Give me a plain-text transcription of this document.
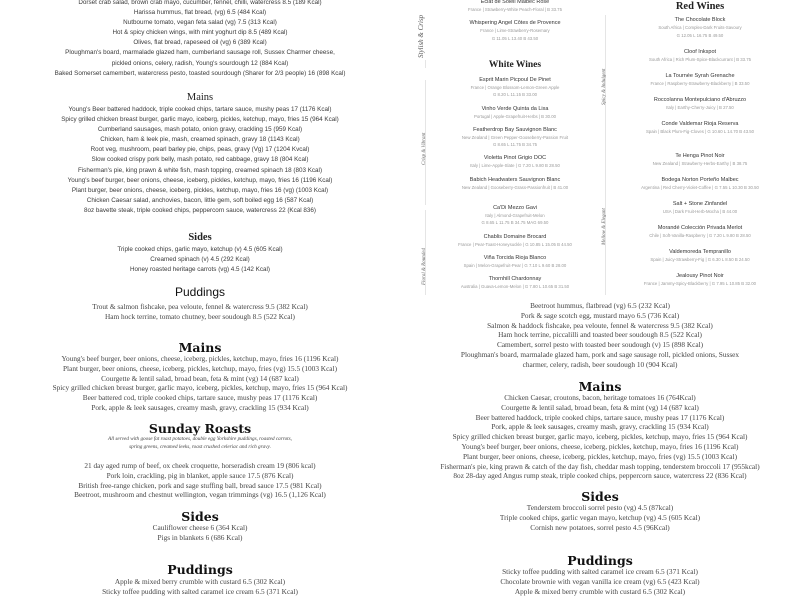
Dorset crab salad, brown crab mayo, cucumber, fennel, chilli, watercress 8.5 (189 Kcal)
Harissa hummus, flat bread, (vg) 6.5 (484 Kcal)
Nutbourne tomato, vegan feta salad (vg) 7.5 (313 Kcal)
Hot & spicy chicken wings, with mint yoghurt dip 8.5 (489 Kcal)
Olives, flat bread, rapeseed oil (vg) 6 (389 Kcal)
Ploughman's board, marmalade glazed ham, cumberland sausage roll, Sussex Charmer cheese,
pickled onions, celery, radish, Young's sourdough 12 (884 Kcal)
Baked Somerset camembert, watercress pesto, toasted sourdough (Sharer for 2/3 people) 16 (898 Kcal)
Mains
Young's Beer battered haddock, triple cooked chips, tartare sauce, mushy peas 17 (1176 Kcal)
Spicy grilled chicken breast burger, garlic mayo, iceberg, pickles, ketchup, mayo, fries 15 (964 Kcal)
Cumberland sausages, mash potato, onion gravy, crackling 15 (959 Kcal)
Chicken, ham & leek pie, mash, creamed spinach, gravy 18 (1143 Kcal)
Root veg, mushroom, pearl barley pie, chips, peas, gravy (Vg) 17 (1204 Kvcal)
Slow cooked crispy pork belly, mash potato, red cabbage, gravy 18 (804 Kcal)
Fisherman's pie, king prawn & white fish, mash topping, creamed spinach 18 (803 Kcal)
Young's beef burger, beer onions, cheese, iceberg, pickles, ketchup, mayo, fries 16 (1196 Kcal)
Plant burger, beer onions, cheese, iceberg, pickles, ketchup, mayo, fries 16 (vg) (1003 Kcal)
Chicken Caesar salad, anchovies, bacon, little gem, soft boiled egg 16 (587 Kcal)
8oz bavette steak, triple cooked chips, peppercorn sauce, watercress 22 (Kcal 836)
Sides
Triple cooked chips, garlic mayo, ketchup (v) 4.5 (605 Kcal)
Creamed spinach (v) 4.5 (292 Kcal)
Honey roasted heritage carrots (vg) 4.5 (142 Kcal)
Puddings
Trout & salmon fishcake, pea veloute, fennel & watercress 9.5 (382 Kcal)
Ham hock terrine, tomato chutney, beer soudough 8.5 (522 Kcal)
Mains
Young's beef burger, beer onions, cheese, iceberg, pickles, ketchup, mayo, fries 16 (1196 Kcal)
Plant burger, beer onions, cheese, iceberg, pickles, ketchup, mayo, fries (vg) 15.5 (1003 Kcal)
Courgette & lentil salad, broad bean, feta & mint (vg) 14 (687 kcal)
Spicy grilled chicken breast burger, garlic mayo, iceberg, pickles, ketchup, mayo, fries 15 (964 Kcal)
Beer battered cod, triple cooked chips, tartare sauce, mushy peas 17 (1176 Kcal)
Pork, apple & leek sausages, creamy mash, gravy, crackling 15 (934 Kcal)
Sunday Roasts
All served with goose fat roast potatoes, double egg Yorkshire puddings, roasted carrots,
spring greens, creamed leeks, roast crushed celeriac and rich gravy.
21 day aged rump of beef, ox cheek croquette, horseradish cream 19 (806 kcal)
Pork loin, crackling, pig in blanket, apple sauce 17.5 (876 Kcal)
British free-range chicken, pork and sage stuffing ball, bread sauce 17.5 (981 Kcal)
Beetroot, mushroom and chestnut wellington, vegan trimmings (vg) 16.5 (1,126 Kcal)
Sides
Cauliflower cheese 6 (364 Kcal)
Pigs in blankets 6 (686 Kcal)
Puddings
Apple & mixed berry crumble with custard 6.5 (302 Kcal)
Sticky toffee pudding with salted caramel ice cream 6.5 (371 Kcal)
Stylish & Crisp
Crisp & Vibrant
Floral & Rounded
Spicy & Indulgent
Mellow & Elegant
Éclat de Soleil Malbec Rosé
France | Strawberry-White Peach-Floral | B 33.75
Whispering Angel Côtes de Provence
France | Lime-Strawberry-Rosemary
G 11.05 L 13.40 B 43.50
White Wines
Esprit Marin Picpoul De Pinet
France | Orange Blossom-Lemon-Green Apple
G 8.20 L 11.15 B 33.00
Vinho Verde Quinta da Lixa
Portugal | Apple-Grapefruit-Herbs | B 30.00
Featherdrop Bay Sauvignon Blanc
New Zealand | Green Pepper-Gooseberry-Passion Fruit
G 8.65 L 11.75 B 34.75
Violetta Pinot Grigio DOC
Italy | Lime-Apple-Slate | G 7.20 L 9.80 B 28.50
Babich Headwaters Sauvignon Blanc
New Zealand | Gooseberry-Grass-Passionfruit | B 41.00
Ca'Di Mezzo Gavi
Italy | Almond-Grapefruit-Melon
G 8.65 L 11.75 B 34.75 MAG 69.50
Chablis Domaine Brocard
France | Pear-Toast-Honeysuckle | G 10.85 L 15.05 B 44.50
Viña Torcida Rioja Blanco
Spain | Melon-Grapefruit-Pear | G 7.10 L 9.60 B 28.00
Thornhill Chardonnay
Australia | Guava-Lemon-Melon | G 7.80 L 10.65 B 31.50
Red Wines
The Chocolate Block
South Africa | Complex-Dark Fruits-Savoury
G 12.05 L 16.75 B 49.50
Cloof Inkspot
South Africa | Rich Plum-Spice-Blackcurrant | B 33.75
La Tournée Syrah Grenache
France | Raspberry-Strawberry-Blackberry | B 33.50
Roccolanna Montepulciano d'Abruzzo
Italy | Earthy-Cherry-Juicy | B 27.50
Conde Valdemar Rioja Reserva
Spain | Black Plum-Fig-Cloves | G 10.60 L 14.70 B 43.50
Te Henga Pinot Noir
New Zealand | Strawberry-Herbs-Earthy | B 38.75
Bodega Norton Porteño Malbec
Argentina | Red Cherry-Violet-Coffee | G 7.55 L 10.30 B 30.50
Salt + Stone Zinfandel
USA | Dark Fruit-Herb-Mocha | B 44.00
Morandé Colección Privada Merlot
Chile | Soft-Vanilla-Raspberry | G 7.20 L 9.80 B 28.50
Valdemoreda Tempranillo
Spain | Juicy-Strawberry-Fig | G 6.30 L 8.50 B 24.50
Jealousy Pinot Noir
France | Jammy-Spicy-Blackberry | G 7.95 L 10.85 B 32.00
Beetroot hummus, flatbread (vg) 6.5 (232 Kcal)
Pork & sage scotch egg, mustard mayo 6.5 (736 Kcal)
Salmon & haddock fishcake, pea veloute, fennel & watercress 9.5 (382 Kcal)
Ham hock terrine, piccalilli and toasted beer soudough 8.5 (522 Kcal)
Camembert, sorrel pesto with toasted beer soudough (v) 15 (898 Kcal)
Ploughman's board, marmalade glazed ham, pork and sage sausage roll, pickled onions, Sussex
charmer, celery, radish, beer soudough 10 (904 Kcal)
Mains
Chicken Caesar, croutons, bacon, heritage tomatoes 16 (764Kcal)
Courgette & lentil salad, broad bean, feta & mint (vg) 14 (687 kcal)
Beer battered haddock, triple cooked chips, tartare sauce, mushy peas 17 (1176 Kcal)
Pork, apple & leek sausages, creamy mash, gravy, crackling 15 (934 Kcal)
Spicy grilled chicken breast burger, garlic mayo, iceberg, pickles, ketchup, mayo, fries 15 (964 Kcal)
Young's beef burger, beer onions, cheese, iceberg, pickles, ketchup, mayo, fries 16 (1196 Kcal)
Plant burger, beer onions, cheese, iceberg, pickles, ketchup, mayo, fries (vg) 15.5 (1003 Kcal)
Fisherman's pie, king prawn & catch of the day fish, cheddar mash topping, tenderstem broccoli 17 (955kcal)
8oz 28-day aged Angus rump steak, triple cooked chips, peppercorn sauce, watercress 22 (836 Kcal)
Sides
Tenderstem broccoli sorrel pesto (vg) 4.5 (87kcal)
Triple cooked chips, garlic vegan mayo, ketchup (vg) 4.5 (605 Kcal)
Cornish new potatoes, sorrel pesto 4.5 (96Kcal)
Puddings
Sticky toffee pudding with salted caramel ice cream 6.5 (371 Kcal)
Chocolate brownie with vegan vanilla ice cream (vg) 6.5 (423 Kcal)
Apple & mixed berry crumble with custard 6.5 (302 Kcal)
